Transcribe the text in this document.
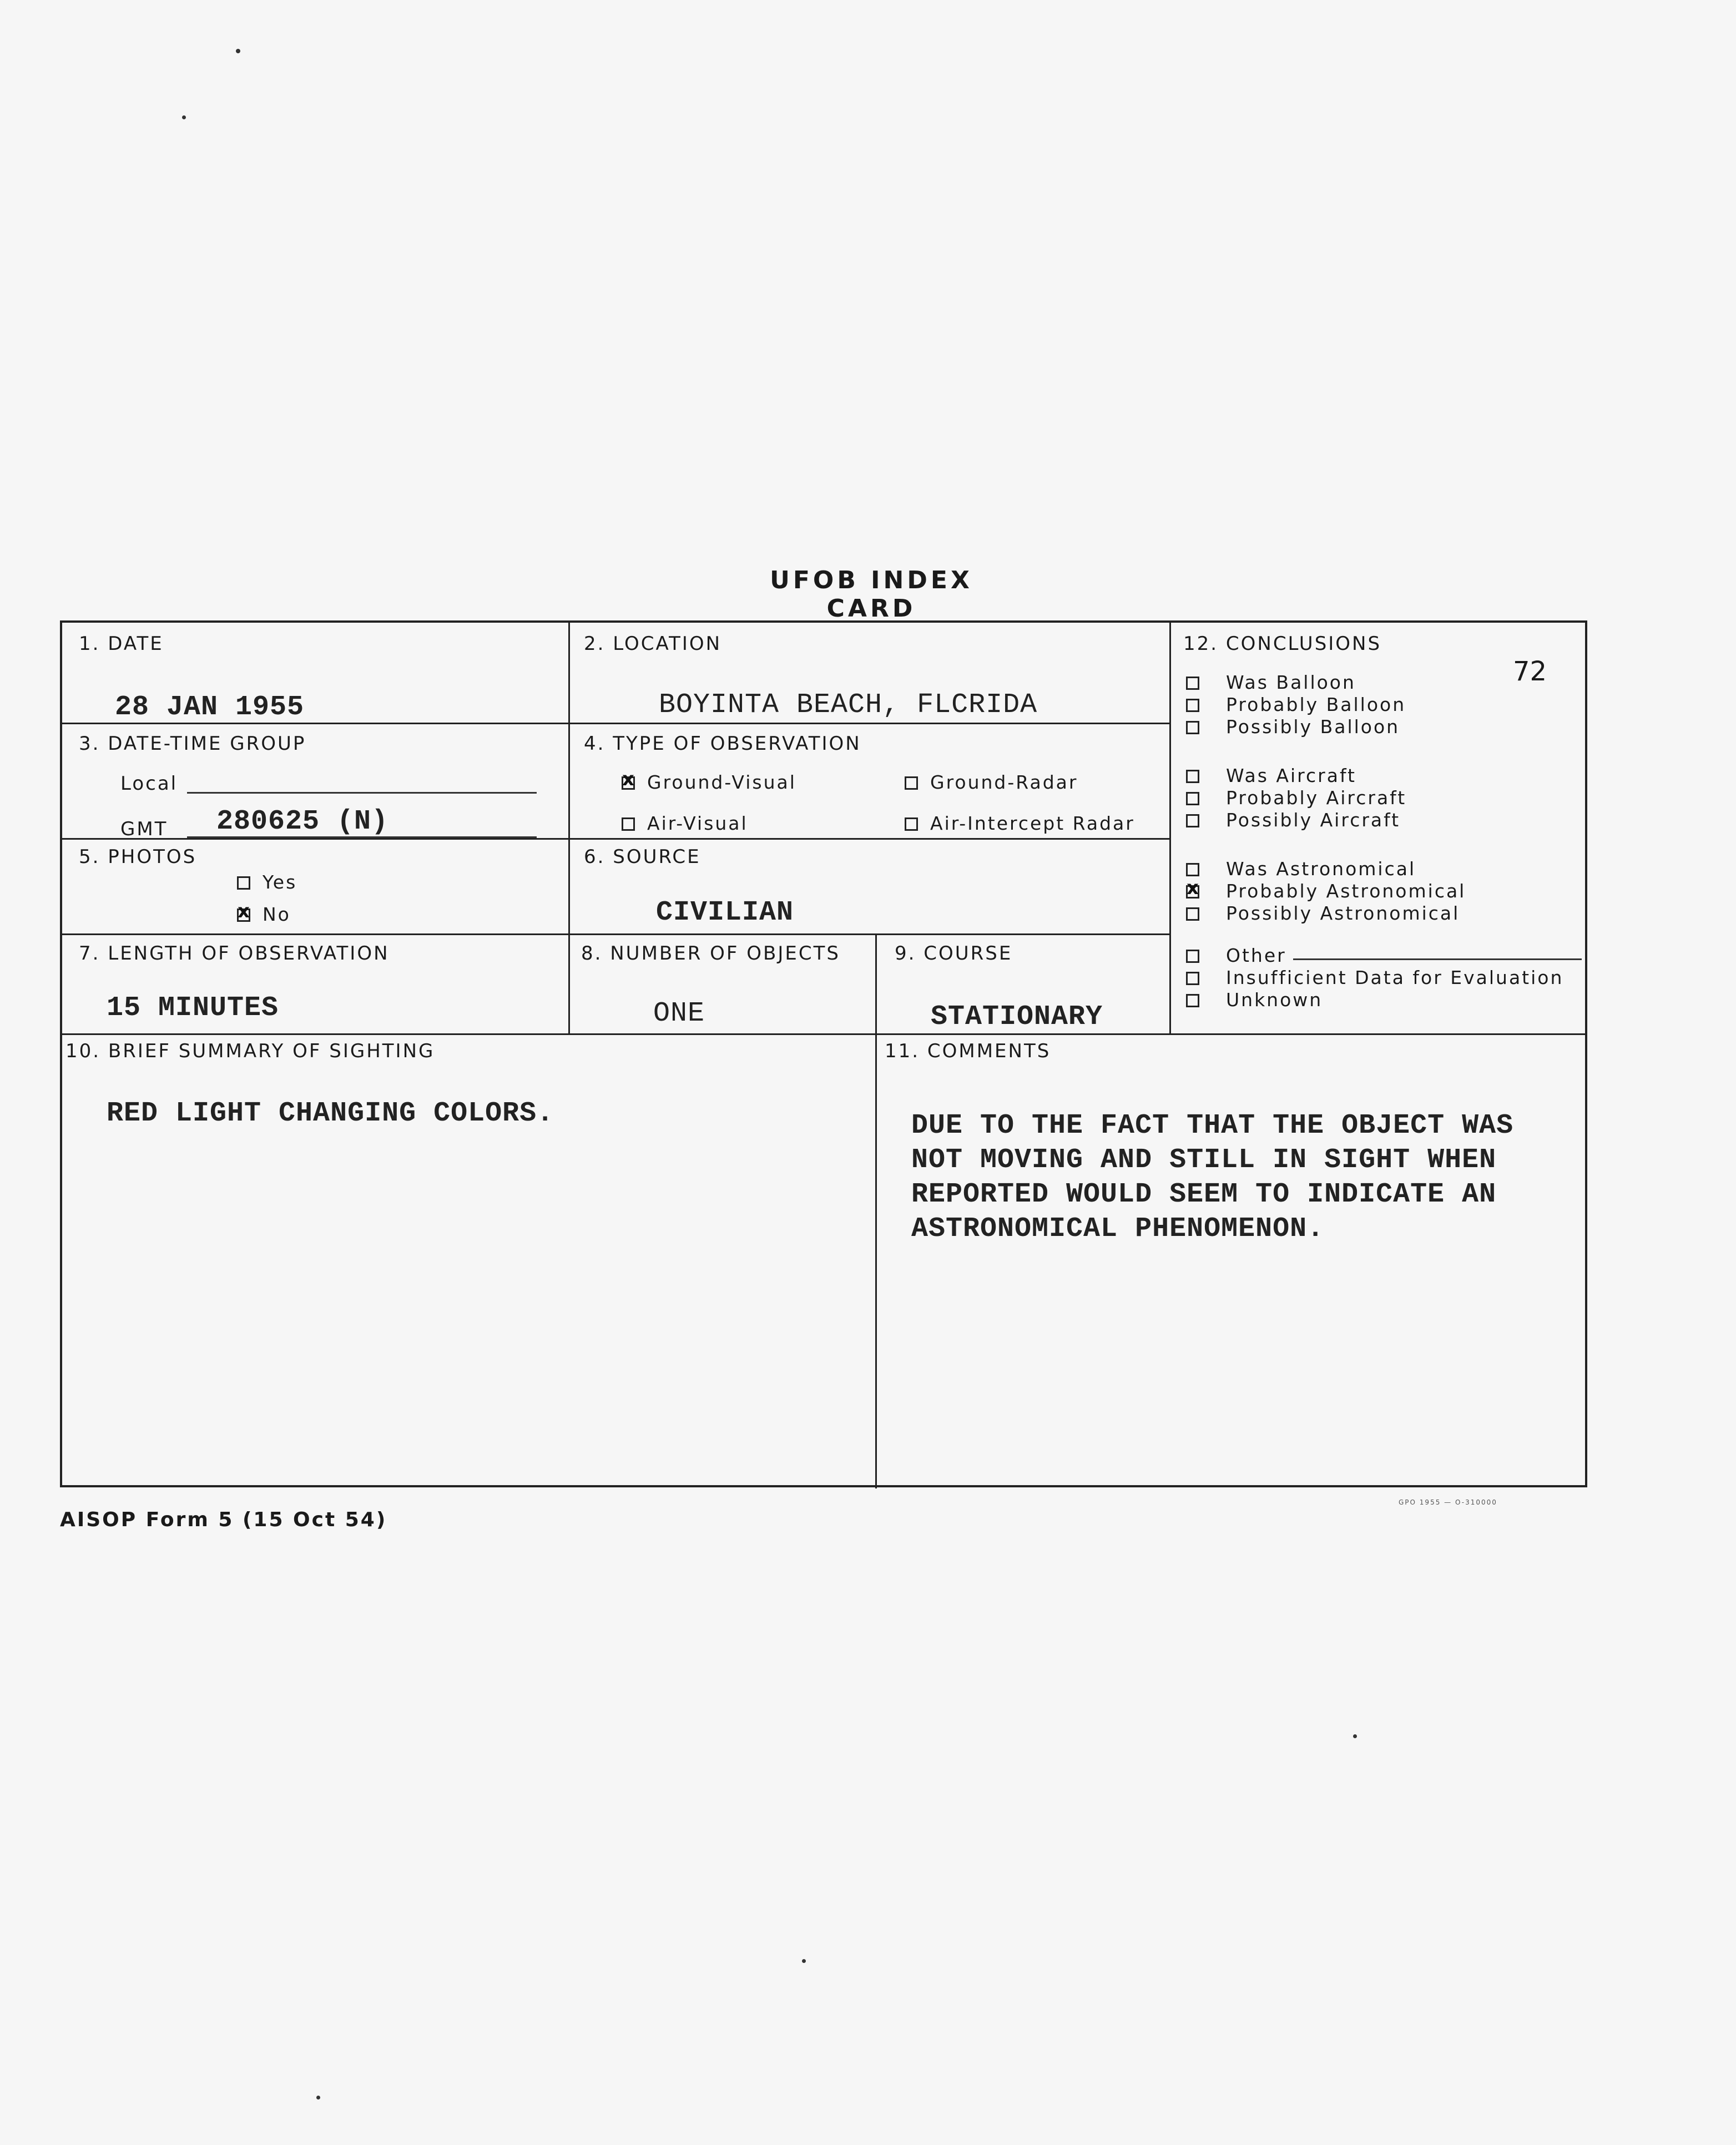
UFOB INDEX CARD
1. DATE
28 JAN 1955
2. LOCATION
BOYINTA BEACH, FLCRIDA
3. DATE-TIME GROUP
Local
GMT 280625 (N)
4. TYPE OF OBSERVATION
xGround-Visual	Ground-Radar
Air-Visual	Air-Intercept Radar
5. PHOTOS
Yes
xNo
6. SOURCE
CIVILIAN
7. LENGTH OF OBSERVATION
15 MINUTES
8. NUMBER OF OBJECTS
ONE
9. COURSE
STATIONARY
10. BRIEF SUMMARY OF SIGHTING
RED LIGHT CHANGING COLORS.
11. COMMENTS
DUE TO THE FACT THAT THE OBJECT WAS
NOT MOVING AND STILL IN SIGHT WHEN
REPORTED WOULD SEEM TO INDICATE AN
ASTRONOMICAL PHENOMENON.
12. CONCLUSIONS
72
Was Balloon
Probably Balloon
Possibly Balloon
Was Aircraft
Probably Aircraft
Possibly Aircraft
Was Astronomical
xProbably Astronomical
Possibly Astronomical
Other
Insufficient Data for Evaluation
Unknown
AISOP Form 5 (15 Oct 54)
GPO 1955 — O-310000
